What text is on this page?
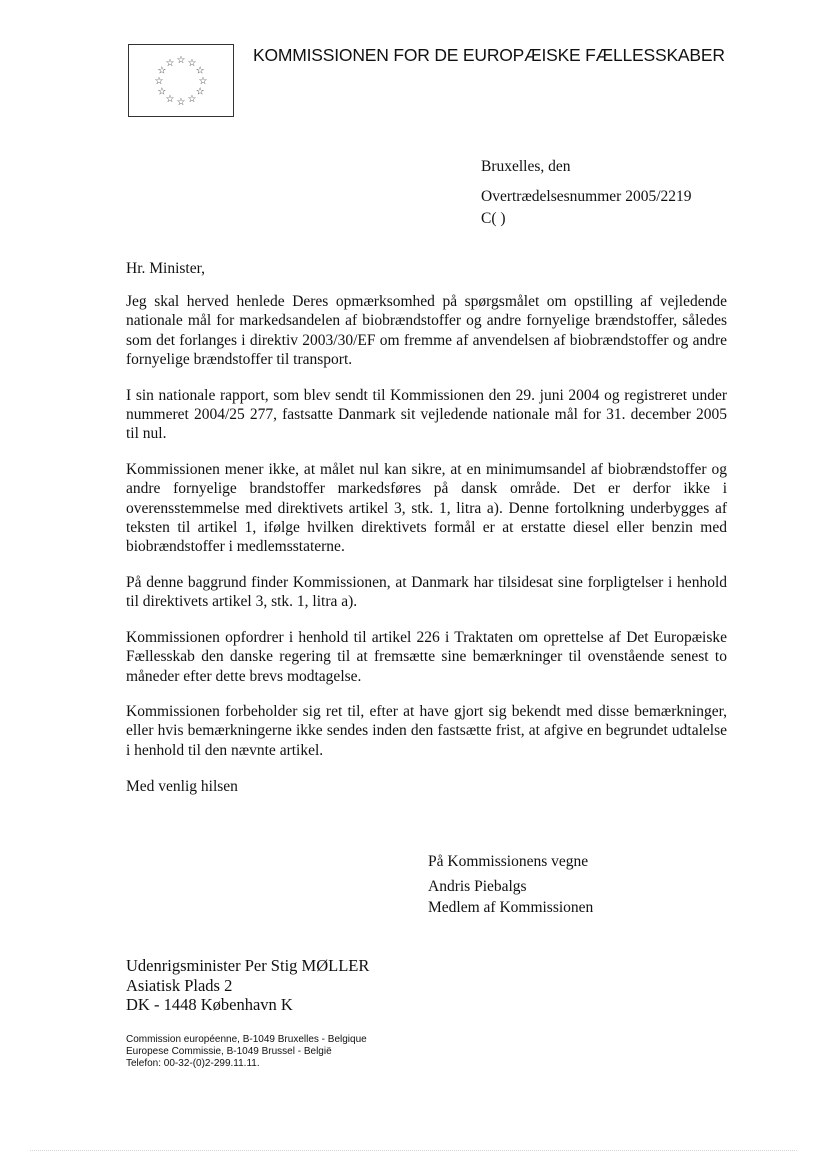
☆ ☆
☆
☆
☆
☆
☆
☆
☆
☆
☆
☆	KOMMISSIONEN FOR DE EUROPÆISKE FÆLLESSKABER
Bruxelles, den
Overtrædelsesnummer 2005/2219
C( )
Hr. Minister,

Jeg skal herved henlede Deres opmærksomhed på spørgsmålet om opstilling af vejledende nationale mål for markedsandelen af biobrændstoffer og andre fornyelige brændstoffer, således som det forlanges i direktiv 2003/30/EF om fremme af anvendelsen af biobrændstoffer og andre fornyelige brændstoffer til transport.

I sin nationale rapport, som blev sendt til Kommissionen den 29. juni 2004 og registreret under nummeret 2004/25 277, fastsatte Danmark sit vejledende nationale mål for 31. december 2005 til nul.

Kommissionen mener ikke, at målet nul kan sikre, at en minimumsandel af biobrændstoffer og andre fornyelige brandstoffer markedsføres på dansk område. Det er derfor ikke i overensstemmelse med direktivets artikel 3, stk. 1, litra a). Denne fortolkning underbygges af teksten til artikel 1, ifølge hvilken direktivets formål er at erstatte diesel eller benzin med biobrændstoffer i medlemsstaterne.

På denne baggrund finder Kommissionen, at Danmark har tilsidesat sine forpligtelser i henhold til direktivets artikel 3, stk. 1, litra a).

Kommissionen opfordrer i henhold til artikel 226 i Traktaten om oprettelse af Det Europæiske Fællesskab den danske regering til at fremsætte sine bemærkninger til ovenstående senest to måneder efter dette brevs modtagelse.

Kommissionen forbeholder sig ret til, efter at have gjort sig bekendt med disse bemærkninger, eller hvis bemærkningerne ikke sendes inden den fastsætte frist, at afgive en begrundet udtalelse i henhold til den nævnte artikel.

Med venlig hilsen
På Kommissionens vegne
Andris Piebalgs
Medlem af Kommissionen
Udenrigsminister Per Stig MØLLER
Asiatisk Plads 2
DK - 1448 København K
Commission européenne, B-1049 Bruxelles - Belgique
Europese Commissie, B-1049 Brussel - België
Telefon: 00-32-(0)2-299.11.11.
